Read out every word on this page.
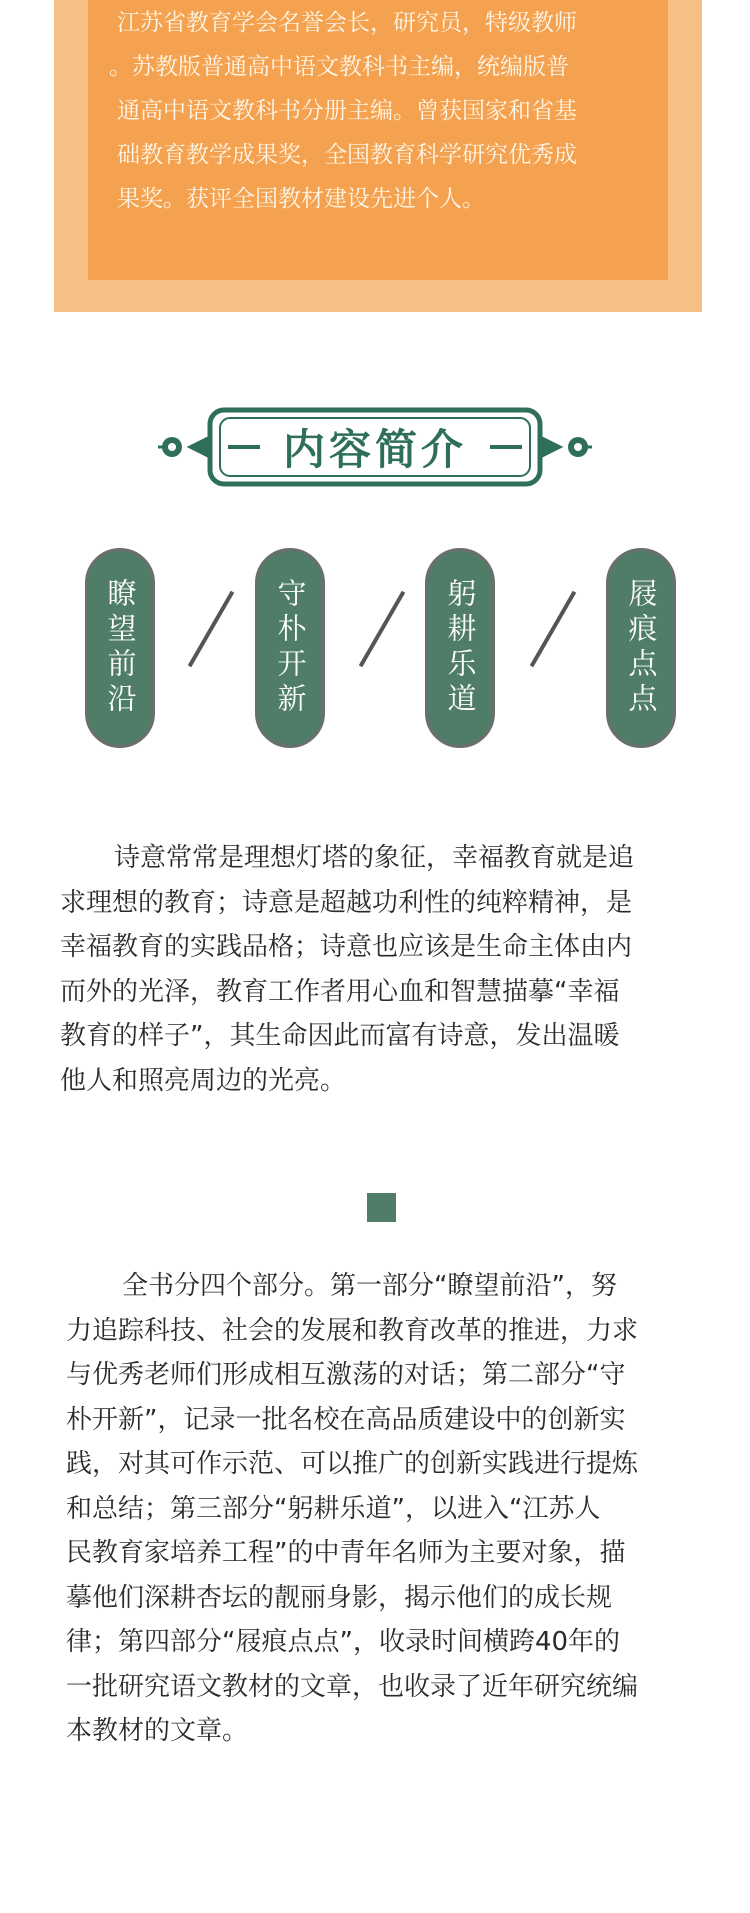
江苏省教育学会名誉会长，研究员，特级教师
。苏教版普通高中语文教科书主编，统编版普
通高中语文教科书分册主编。曾获国家和省基
础教育教学成果奖，全国教育科学研究优秀成
果奖。获评全国教材建设先进个人。
内容简介
瞭望前沿	守朴开新	躬耕乐道	屐痕点点
诗意常常是理想灯塔的象征，幸福教育就是追
求理想的教育；诗意是超越功利性的纯粹精神，是
幸福教育的实践品格；诗意也应该是生命主体由内
而外的光泽，教育工作者用心血和智慧描摹“幸福
教育的样子”，其生命因此而富有诗意，发出温暖
他人和照亮周边的光亮。
全书分四个部分。第一部分“瞭望前沿”，努
力追踪科技、社会的发展和教育改革的推进，力求
与优秀老师们形成相互激荡的对话；第二部分“守
朴开新”，记录一批名校在高品质建设中的创新实
践，对其可作示范、可以推广的创新实践进行提炼
和总结；第三部分“躬耕乐道”，以进入“江苏人
民教育家培养工程”的中青年名师为主要对象，描
摹他们深耕杏坛的靓丽身影，揭示他们的成长规
律；第四部分“屐痕点点”，收录时间横跨40年的
一批研究语文教材的文章，也收录了近年研究统编
本教材的文章。
